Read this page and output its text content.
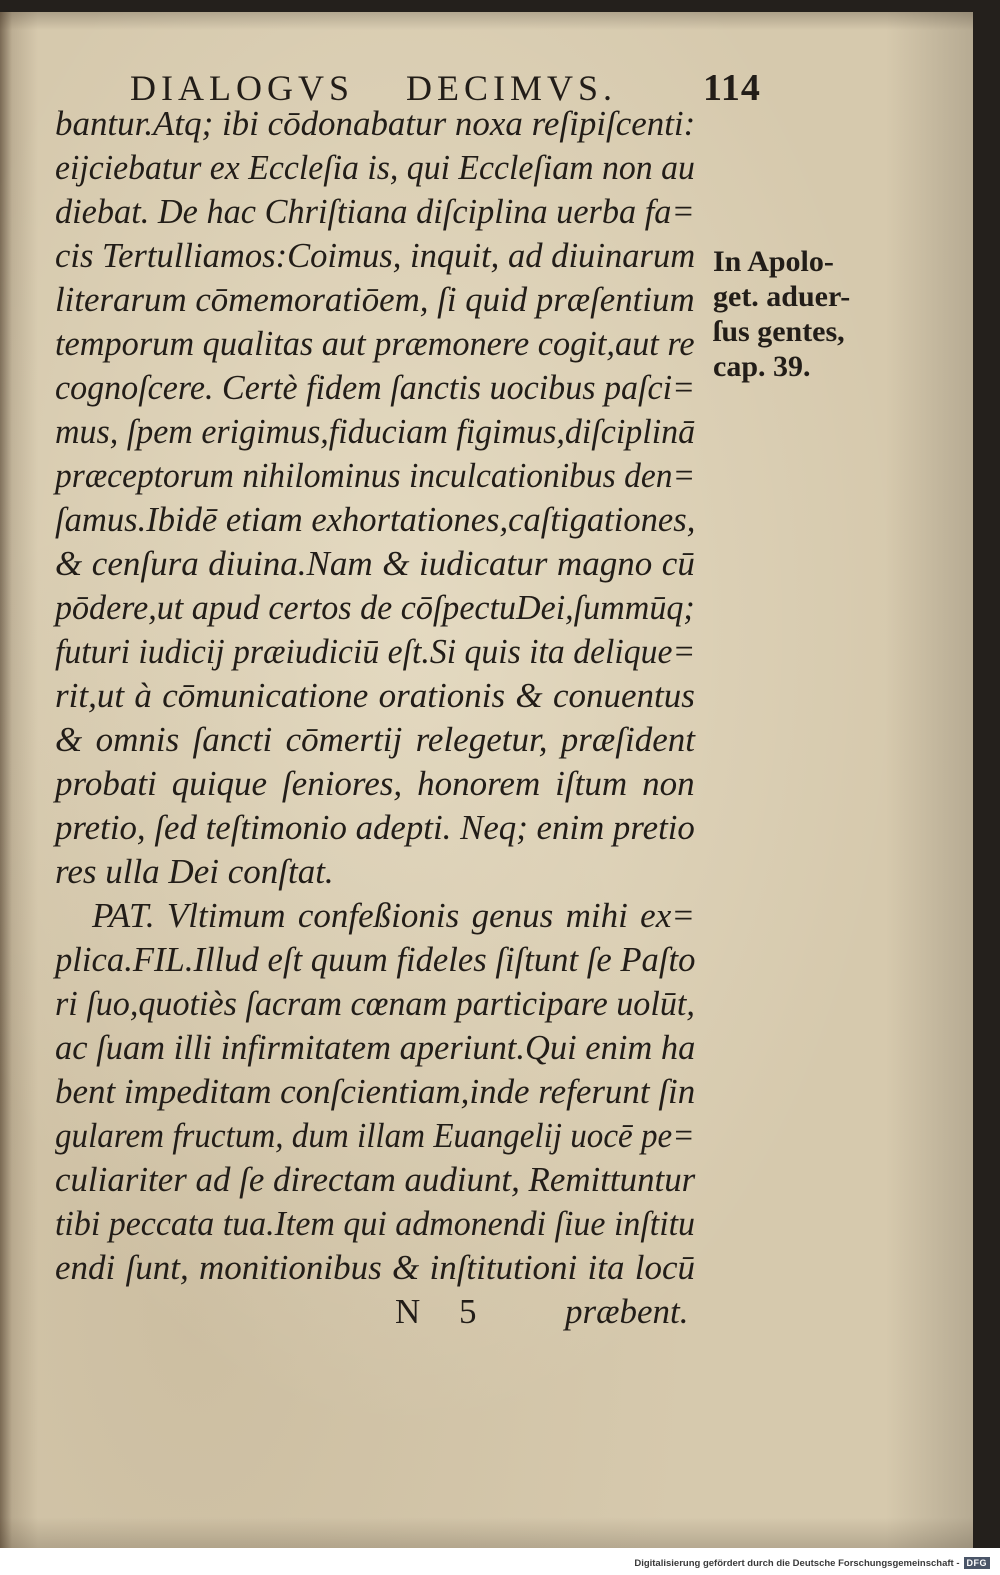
DIALOGVS DECIMVS. 114
bantur.Atq; ibi cōdonabatur noxa reſipiſcenti:
eijciebatur ex Eccleſia is, qui Eccleſiam non au
diebat. De hac Chriſtiana diſciplina uerba fa=
cis Tertulliamos:Coimus, inquit, ad diuinarum
literarum cōmemoratiōem, ſi quid præſentium
temporum qualitas aut præmonere cogit,aut re
cognoſcere. Certè fidem ſanctis uocibus paſci=
mus, ſpem erigimus,fiduciam figimus,diſciplinā
præceptorum nihilominus inculcationibus den=
ſamus.Ibidē etiam exhortationes,caſtigationes,
& cenſura diuina.Nam & iudicatur magno cū
pōdere,ut apud certos de cōſpectuDei,ſummūq;
futuri iudicij præiudiciū eſt.Si quis ita delique=
rit,ut à cōmunicatione orationis & conuentus
& omnis ſancti cōmertij relegetur, præſident
probati quique ſeniores, honorem iſtum non
pretio, ſed teſtimonio adepti. Neq; enim pretio
res ulla Dei conſtat.
PAT. Vltimum confeßionis genus mihi ex=
plica.FIL.Illud eſt quum fideles ſiſtunt ſe Paſto
ri ſuo,quotiès ſacram cœnam participare uolūt,
ac ſuam illi infirmitatem aperiunt.Qui enim ha
bent impeditam conſcientiam,inde referunt ſin
gularem fructum, dum illam Euangelij uocē pe=
culiariter ad ſe directam audiunt, Remittuntur
tibi peccata tua.Item qui admonendi ſiue inſtitu
endi ſunt, monitionibus & inſtitutioni ita locū
In Apolo-
get. aduer-
ſus gentes,
cap. 39.
N 5	præbent.
Digitalisierung gefördert durch die Deutsche Forschungsgemeinschaft - DFG
